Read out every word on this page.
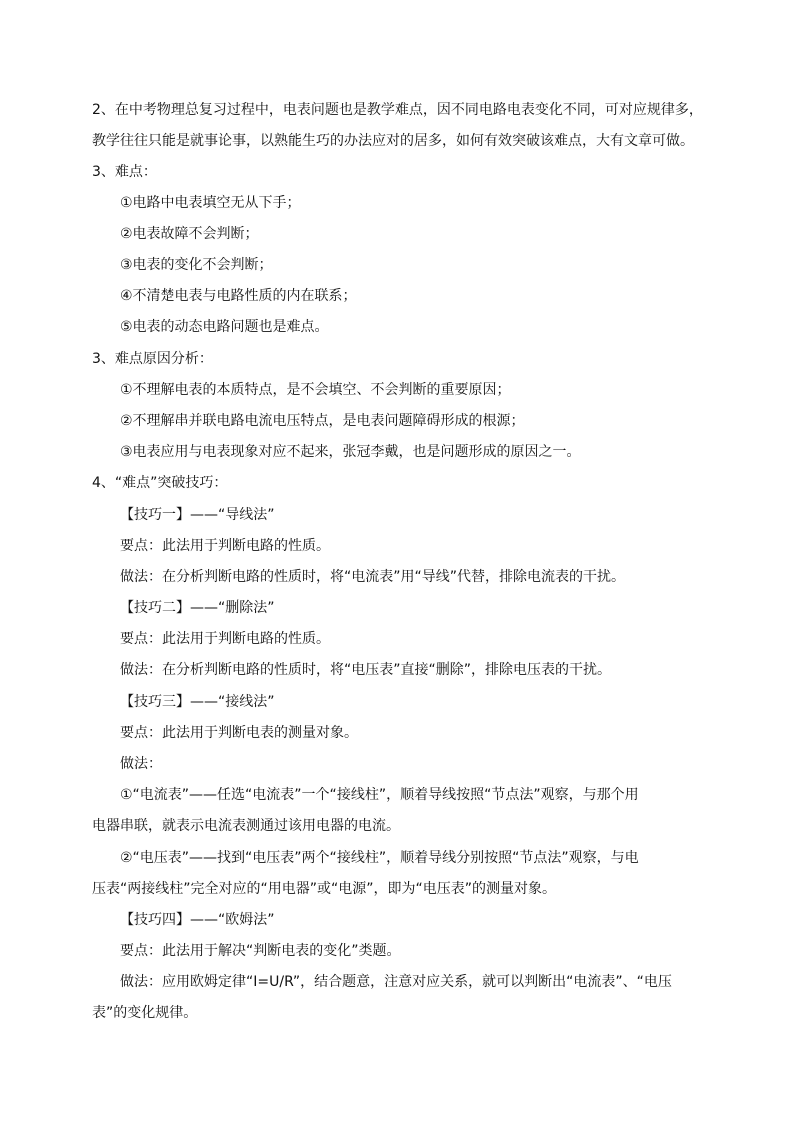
2、在中考物理总复习过程中，电表问题也是教学难点，因不同电路电表变化不同，可对应规律多，
教学往往只能是就事论事，以熟能生巧的办法应对的居多，如何有效突破该难点，大有文章可做。
3、难点：
①电路中电表填空无从下手；
②电表故障不会判断；
③电表的变化不会判断；
④不清楚电表与电路性质的内在联系；
⑤电表的动态电路问题也是难点。
3、难点原因分析：
①不理解电表的本质特点，是不会填空、不会判断的重要原因；
②不理解串并联电路电流电压特点，是电表问题障碍形成的根源；
③电表应用与电表现象对应不起来，张冠李戴，也是问题形成的原因之一。
4、“难点”突破技巧：
【技巧一】——“导线法”
要点：此法用于判断电路的性质。
做法：在分析判断电路的性质时，将“电流表”用“导线”代替，排除电流表的干扰。
【技巧二】——“删除法”
要点：此法用于判断电路的性质。
做法：在分析判断电路的性质时，将“电压表”直接“删除”，排除电压表的干扰。
【技巧三】——“接线法”
要点：此法用于判断电表的测量对象。
做法：
①“电流表”——任选“电流表”一个“接线柱”，顺着导线按照“节点法”观察，与那个用
电器串联，就表示电流表测通过该用电器的电流。
②“电压表”——找到“电压表”两个“接线柱”，顺着导线分别按照“节点法”观察，与电
压表“两接线柱”完全对应的“用电器”或“电源”，即为“电压表”的测量对象。
【技巧四】——“欧姆法”
要点：此法用于解决“判断电表的变化”类题。
做法：应用欧姆定律“I=U/R”，结合题意，注意对应关系，就可以判断出“电流表”、“电压
表”的变化规律。
